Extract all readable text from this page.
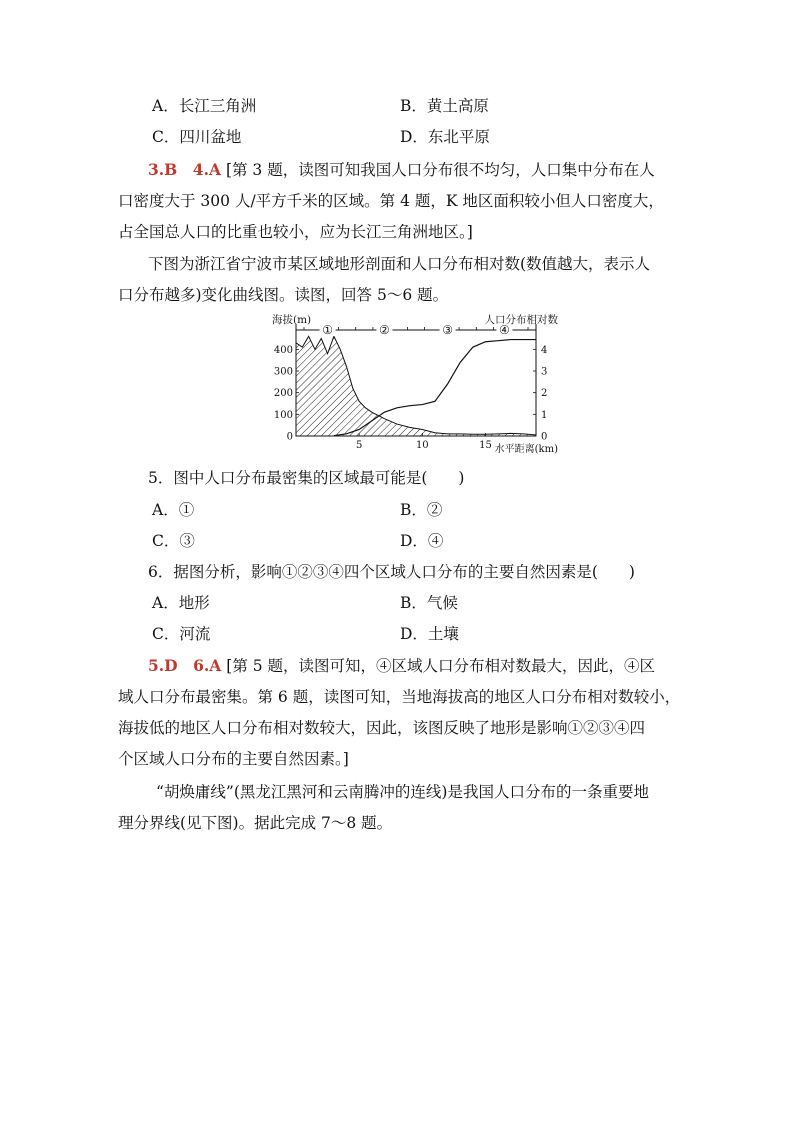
A．长江三角洲	B．黄土高原
C．四川盆地	D．东北平原
3.B　4.A [第 3 题，读图可知我国人口分布很不均匀，人口集中分布在人
口密度大于 300 人/平方千米的区域。第 4 题，K 地区面积较小但人口密度大，
占全国总人口的比重也较小，应为长江三角洲地区。]
下图为浙江省宁波市某区域地形剖面和人口分布相对数(数值越大，表示人
口分布越多)变化曲线图。读图，回答 5～6 题。
①	②	③	④
0
100
200
300
400
0
1
2
3
4
5	10	15
海拔(m)	人口分布相对数
水平距离(km)
5．图中人口分布最密集的区域最可能是(　　)
A．①	B．②
C．③	D．④
6．据图分析，影响①②③④四个区域人口分布的主要自然因素是(　　)
A．地形	B．气候
C．河流	D．土壤
5.D　6.A [第 5 题，读图可知，④区域人口分布相对数最大，因此，④区
域人口分布最密集。第 6 题，读图可知，当地海拔高的地区人口分布相对数较小，
海拔低的地区人口分布相对数较大，因此，该图反映了地形是影响①②③④四
个区域人口分布的主要自然因素。]
“胡焕庸线”(黑龙江黑河和云南腾冲的连线)是我国人口分布的一条重要地
理分界线(见下图)。据此完成 7～8 题。
